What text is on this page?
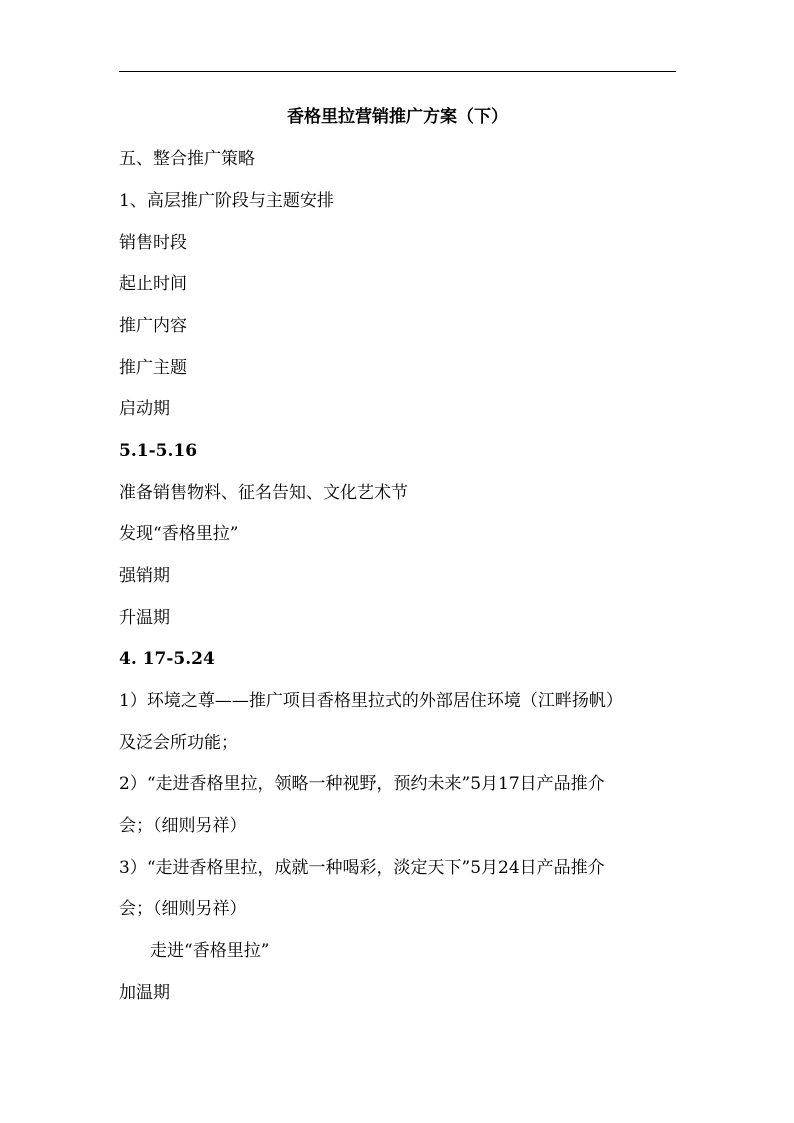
香格里拉营销推广方案（下）
五、整合推广策略
1、高层推广阶段与主题安排
销售时段
起止时间
推广内容
推广主题
启动期
5.1-5.16
准备销售物料、征名告知、文化艺术节
发现“香格里拉”
强销期
升温期
4. 17-5.24
1）环境之尊——推广项目香格里拉式的外部居住环境（江畔扬帆）
及泛会所功能；
2）“走进香格里拉，领略一种视野，预约未来”5月17日产品推介
会；（细则另祥）
3）“走进香格里拉，成就一种喝彩，淡定天下”5月24日产品推介
会；（细则另祥）
走进“香格里拉”
加温期
